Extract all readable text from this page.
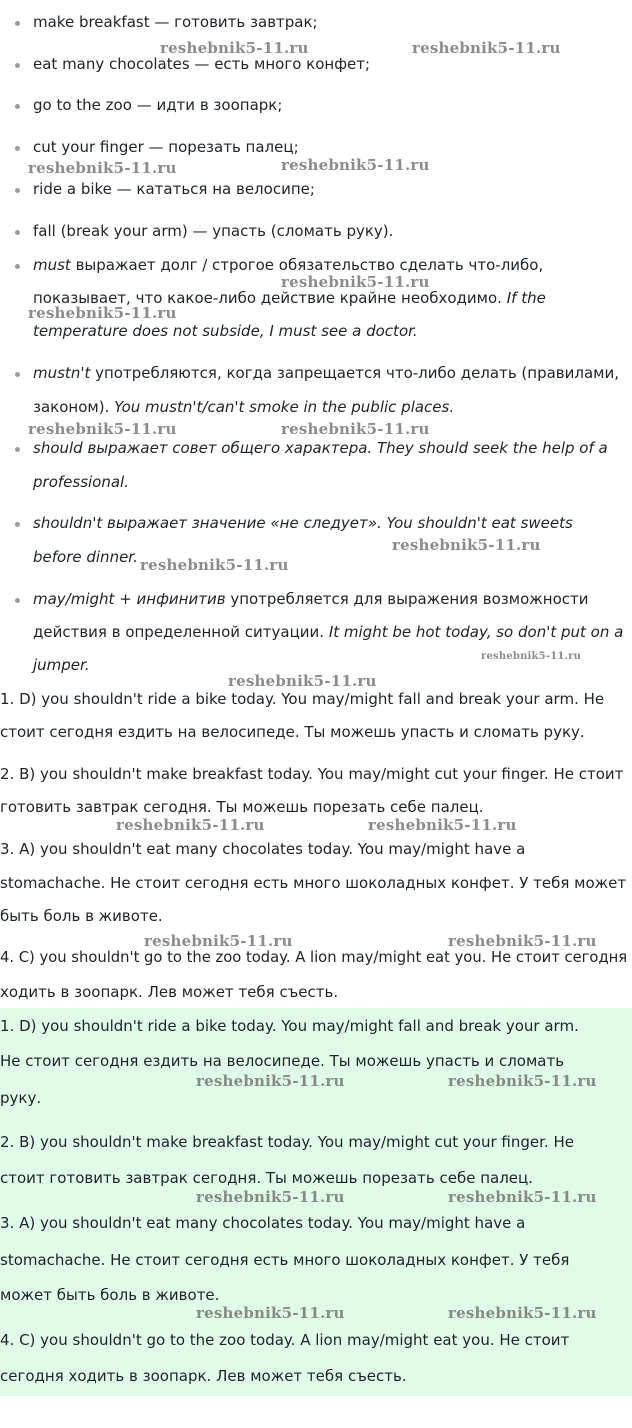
make breakfast — готовить завтрак;
eat many chocolates — есть много конфет;
go to the zoo — идти в зоопарк;
cut your finger — порезать палец;
ride a bike — кататься на велосипе;
fall (break your arm) — упасть (сломать руку).
must выражает долг / строгое обязательство сделать что-либо,
показывает, что какое-либо действие крайне необходимо. If the
temperature does not subside, I must see a doctor.
mustn't употребляются, когда запрещается что-либо делать (правилами,
законом). You mustn't/can't smoke in the public places.
should выражает совет общего характера. They should seek the help of a
professional.
shouldn't выражает значение «не следует». You shouldn't eat sweets
before dinner.
may/might + инфинитив употребляется для выражения возможности
действия в определенной ситуации. It might be hot today, so don't put on a
jumper.
1. D) you shouldn't ride a bike today. You may/might fall and break your arm. Не
стоит сегодня ездить на велосипеде. Ты можешь упасть и сломать руку.
2. B) you shouldn't make breakfast today. You may/might cut your finger. Не стоит
готовить завтрак сегодня. Ты можешь порезать себе палец.
3. A) you shouldn't eat many chocolates today. You may/might have a
stomachache. Не стоит сегодня есть много шоколадных конфет. У тебя может
быть боль в животе.
4. C) you shouldn't go to the zoo today. A lion may/might eat you. Не стоит сегодня
ходить в зоопарк. Лев может тебя съесть.
1. D) you shouldn't ride a bike today. You may/might fall and break your arm.
Не стоит сегодня ездить на велосипеде. Ты можешь упасть и сломать
руку.
2. B) you shouldn't make breakfast today. You may/might cut your finger. Не
стоит готовить завтрак сегодня. Ты можешь порезать себе палец.
3. A) you shouldn't eat many chocolates today. You may/might have a
stomachache. Не стоит сегодня есть много шоколадных конфет. У тебя
может быть боль в животе.
4. C) you shouldn't go to the zoo today. A lion may/might eat you. Не стоит
сегодня ходить в зоопарк. Лев может тебя съесть.
reshebnik5-11.ru	reshebnik5-11.ru
reshebnik5-11.ru	reshebnik5-11.ru
reshebnik5-11.ru
reshebnik5-11.ru
reshebnik5-11.ru	reshebnik5-11.ru
reshebnik5-11.ru
reshebnik5-11.ru
reshebnik5-11.ru
reshebnik5-11.ru
reshebnik5-11.ru	reshebnik5-11.ru
reshebnik5-11.ru	reshebnik5-11.ru
reshebnik5-11.ru	reshebnik5-11.ru
reshebnik5-11.ru	reshebnik5-11.ru
reshebnik5-11.ru	reshebnik5-11.ru
